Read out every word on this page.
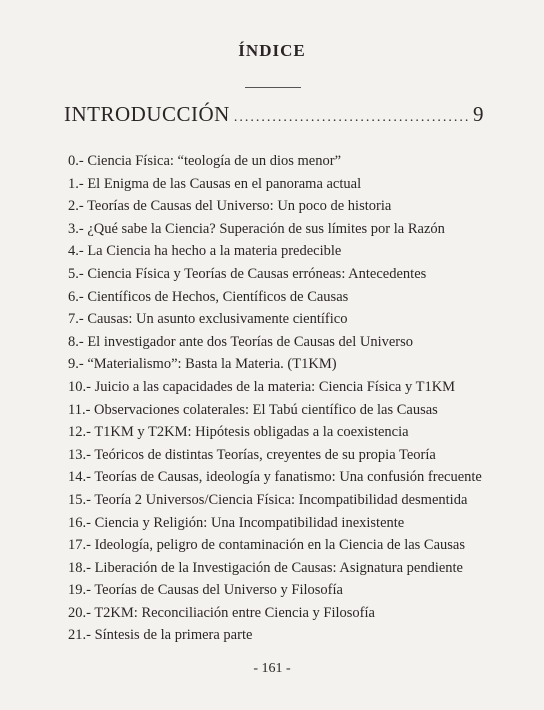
ÍNDICE
INTRODUCCIÓN
.....	9
0.- Ciencia Física: “teología de un dios menor”
1.- El Enigma de las Causas en el panorama actual
2.- Teorías de Causas del Universo: Un poco de historia
3.- ¿Qué sabe la Ciencia? Superación de sus límites por la Razón
4.- La Ciencia ha hecho a la materia predecible
5.- Ciencia Física y Teorías de Causas erróneas: Antecedentes
6.- Científicos de Hechos, Científicos de Causas
7.- Causas: Un asunto exclusivamente científico
8.- El investigador ante dos Teorías de Causas del Universo
9.- “Materialismo”: Basta la Materia. (T1KM)
10.- Juicio a las capacidades de la materia: Ciencia Física y T1KM
11.- Observaciones colaterales: El Tabú científico de las Causas
12.- T1KM y T2KM: Hipótesis obligadas a la coexistencia
13.- Teóricos de distintas Teorías, creyentes de su propia Teoría
14.- Teorías de Causas, ideología y fanatismo: Una confusión frecuente
15.- Teoría 2 Universos/Ciencia Física: Incompatibilidad desmentida
16.- Ciencia y Religión: Una Incompatibilidad inexistente
17.- Ideología, peligro de contaminación en la Ciencia de las Causas
18.- Liberación de la Investigación de Causas: Asignatura pendiente
19.- Teorías de Causas del Universo y Filosofía
20.- T2KM: Reconciliación entre Ciencia y Filosofía
21.- Síntesis de la primera parte
- 161 -
